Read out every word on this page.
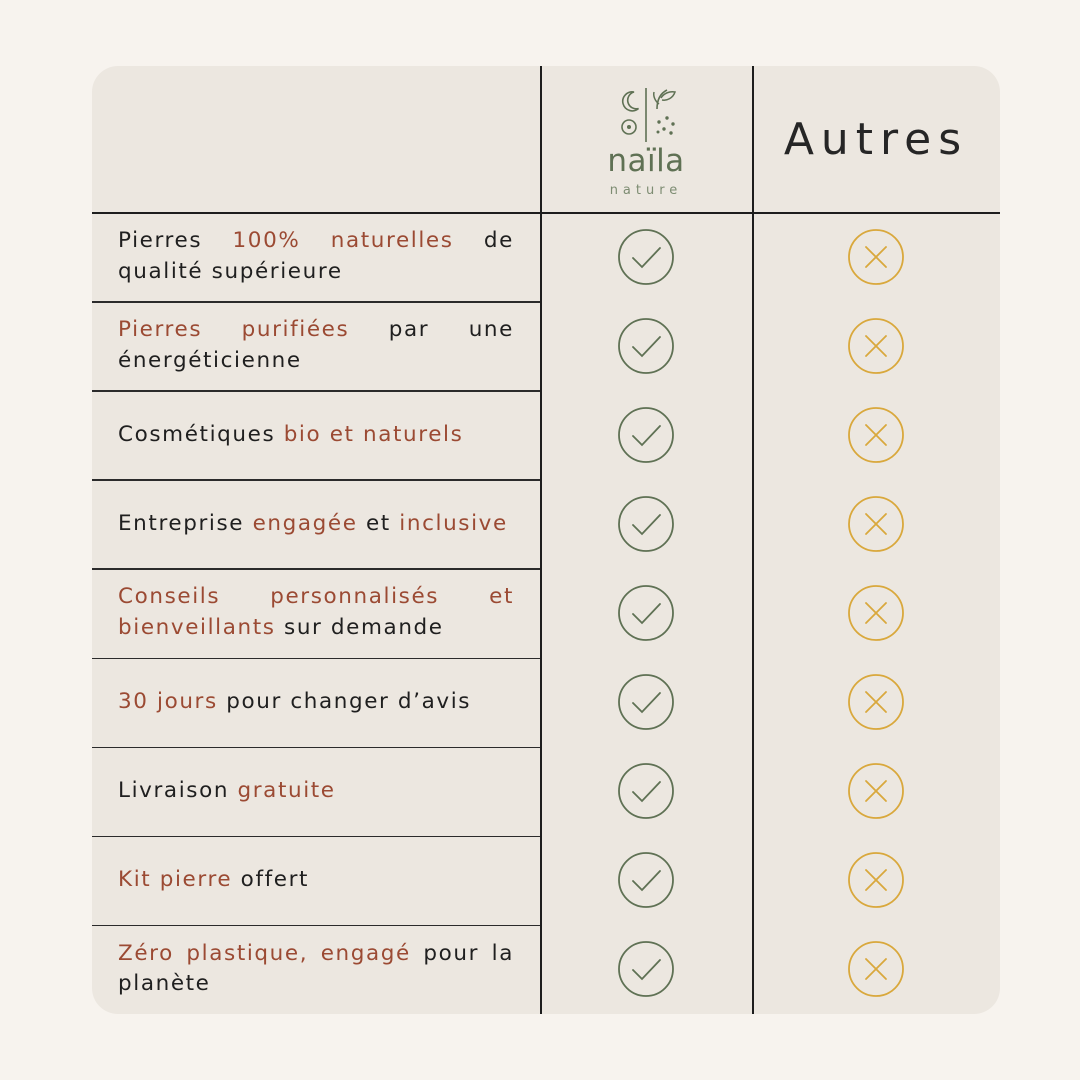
naïla
nature
Autres
Pierres 100% naturelles de qualité supérieure
Pierres purifiées par une énergéticienne
Cosmétiques bio et naturels
Entreprise engagée et inclusive
Conseils personnalisés et bienveillants sur demande
30 jours pour changer d’avis
Livraison gratuite
Kit pierre offert
Zéro plastique, engagé pour la planète
